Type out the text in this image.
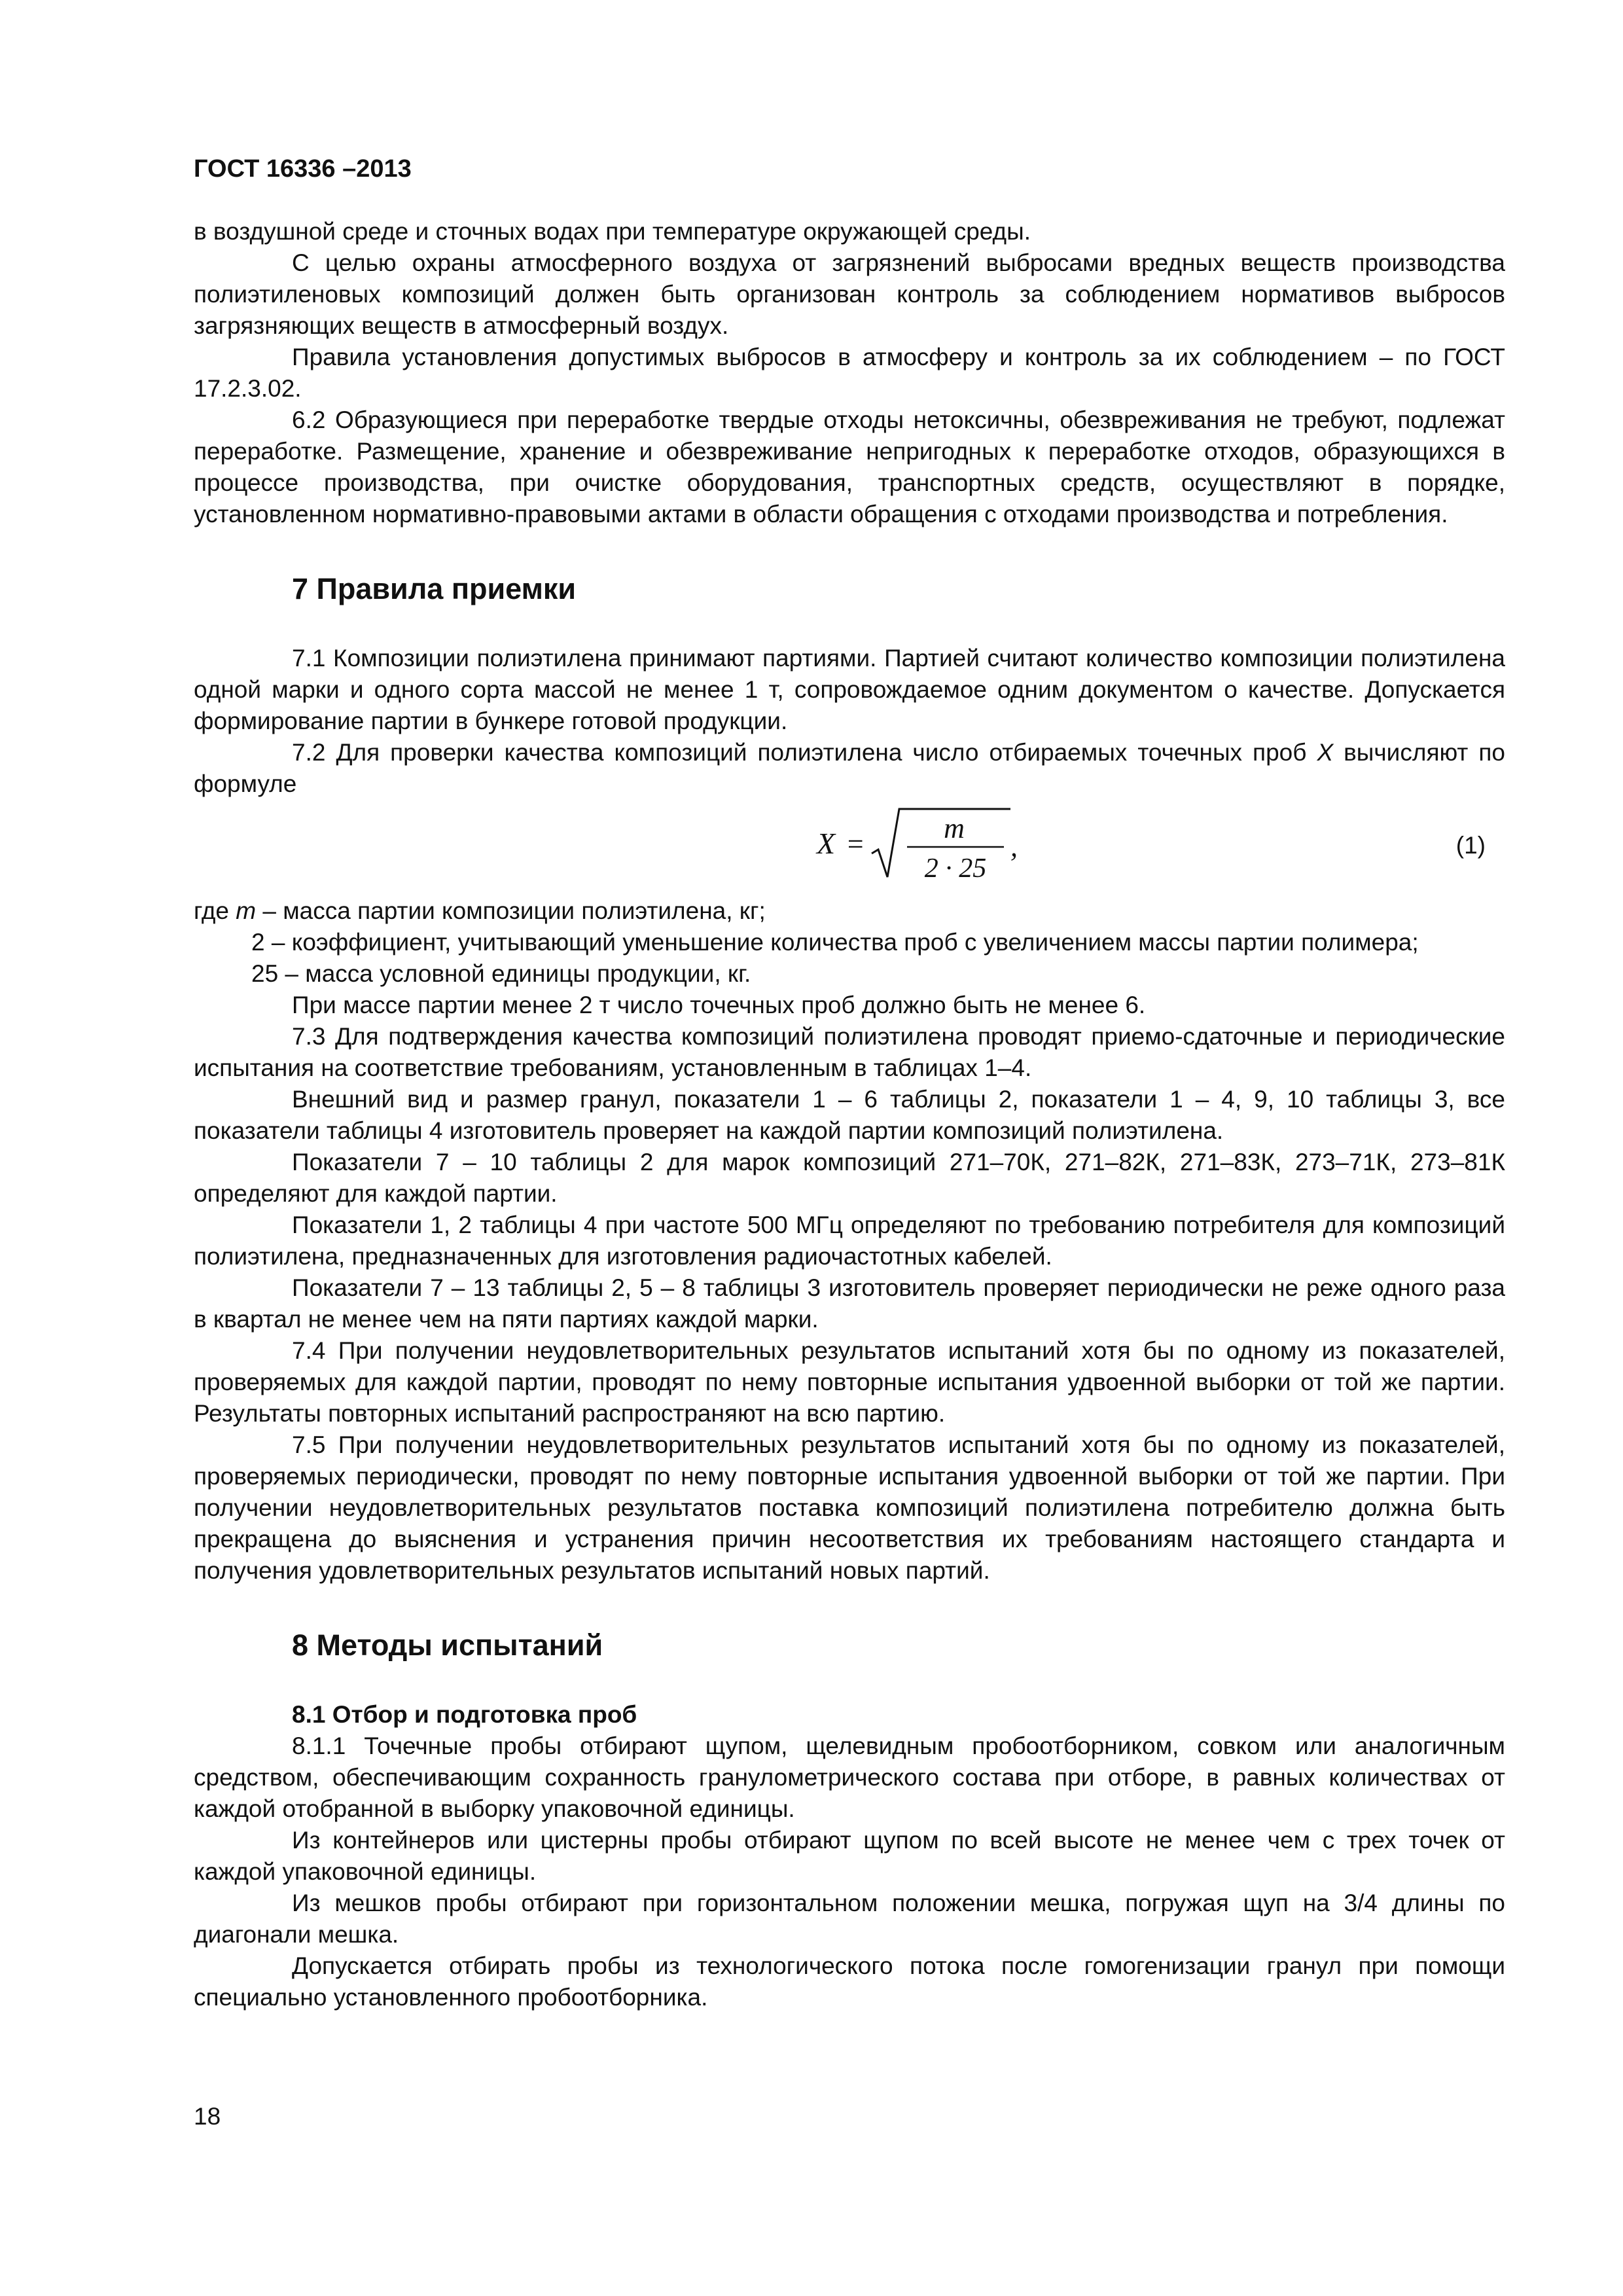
ГОСТ 16336 –2013

в воздушной среде и сточных водах при температуре окружающей среды.

С целью охраны атмосферного воздуха от загрязнений выбросами вредных веществ производства полиэтиленовых композиций должен быть организован контроль за соблюдением нормативов выбросов загрязняющих веществ в атмосферный воздух.

Правила установления допустимых выбросов в атмосферу и контроль за их соблюдением – по ГОСТ 17.2.3.02.

6.2 Образующиеся при переработке твердые отходы нетоксичны, обезвреживания не требуют, подлежат переработке. Размещение, хранение и обезвреживание непригодных к переработке отходов, образующихся в процессе производства, при очистке оборудования, транспортных средств, осуществляют в порядке, установленном нормативно-правовыми актами в области обращения с отходами производства и потребления.

7 Правила приемки

7.1 Композиции полиэтилена принимают партиями. Партией считают количество композиции полиэтилена одной марки и одного сорта массой не менее 1 т, сопровождаемое одним документом о качестве. Допускается формирование партии в бункере готовой продукции.

7.2 Для проверки качества композиций полиэтилена число отбираемых точечных проб X вычисляют по формуле

X =	m
2 · 25
,	(1)

где m – масса партии композиции полиэтилена, кг;

2 – коэффициент, учитывающий уменьшение количества проб с увеличением массы партии полимера;

25 – масса условной единицы продукции, кг.

При массе партии менее 2 т число точечных проб должно быть не менее 6.

7.3 Для подтверждения качества композиций полиэтилена проводят приемо-сдаточные и периодические испытания на соответствие требованиям, установленным в таблицах 1–4.

Внешний вид и размер гранул, показатели 1 – 6 таблицы 2, показатели 1 – 4, 9, 10 таблицы 3, все показатели таблицы 4 изготовитель проверяет на каждой партии композиций полиэтилена.

Показатели 7 – 10 таблицы 2 для марок композиций 271–70К, 271–82К, 271–83К, 273–71К, 273–81К определяют для каждой партии.

Показатели 1, 2 таблицы 4 при частоте 500 МГц определяют по требованию потребителя для композиций полиэтилена, предназначенных для изготовления радиочастотных кабелей.

Показатели 7 – 13 таблицы 2, 5 – 8 таблицы 3 изготовитель проверяет периодически не реже одного раза в квартал не менее чем на пяти партиях каждой марки.

7.4 При получении неудовлетворительных результатов испытаний хотя бы по одному из показателей, проверяемых для каждой партии, проводят по нему повторные испытания удвоенной выборки от той же партии. Результаты повторных испытаний распространяют на всю партию.

7.5 При получении неудовлетворительных результатов испытаний хотя бы по одному из показателей, проверяемых периодически, проводят по нему повторные испытания удвоенной выборки от той же партии. При получении неудовлетворительных результатов поставка композиций полиэтилена потребителю должна быть прекращена до выяснения и устранения причин несоответствия их требованиям настоящего стандарта и получения удовлетворительных результатов испытаний новых партий.

8 Методы испытаний
8.1 Отбор и подготовка проб

8.1.1 Точечные пробы отбирают щупом, щелевидным пробоотборником, совком или аналогичным средством, обеспечивающим сохранность гранулометрического состава при отборе, в равных количествах от каждой отобранной в выборку упаковочной единицы.

Из контейнеров или цистерны пробы отбирают щупом по всей высоте не менее чем с трех точек от каждой упаковочной единицы.

Из мешков пробы отбирают при горизонтальном положении мешка, погружая щуп на 3/4 длины по диагонали мешка.

Допускается отбирать пробы из технологического потока после гомогенизации гранул при помощи специально установленного пробоотборника.

18
